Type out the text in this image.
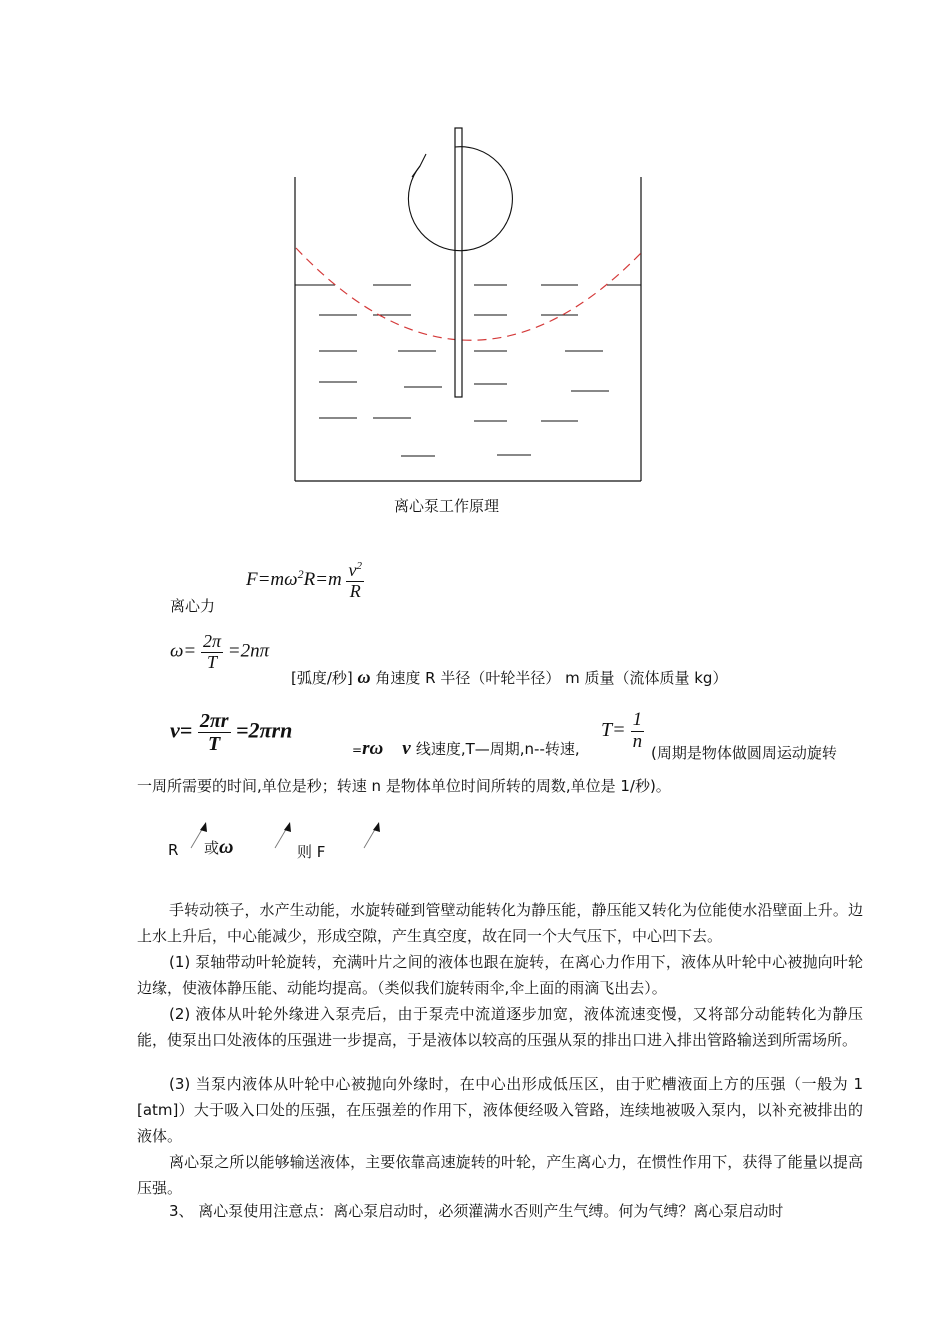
离心泵工作原理
离心力
$F=m\omega^2R=m \frac{v^2}{R}$
$\omega= \frac{2\pi}{T} =2n\pi$
[弧度/秒] ω 角速度 R 半径（叶轮半径） m 质量（流体质量 kg）
$v= \frac{2\pi r}{T} =2\pi rn$
=rω v 线速度,T—周期,n--转速,
$T= \frac{1}{n}$
(周期是物体做圆周运动旋转
一周所需要的时间,单位是秒；转速 n 是物体单位时间所转的周数,单位是 1/秒)。
R 或ω	则 F
手转动筷子，水产生动能，水旋转碰到管壁动能转化为静压能，静压能又转化为位能使水沿壁面上升。边上水上升后，中心能减少，形成空隙，产生真空度，故在同一个大气压下，中心凹下去。
(1) 泵轴带动叶轮旋转，充满叶片之间的液体也跟在旋转，在离心力作用下，液体从叶轮中心被抛向叶轮边缘，使液体静压能、动能均提高。（类似我们旋转雨伞,伞上面的雨滴飞出去）。
(2) 液体从叶轮外缘进入泵壳后，由于泵壳中流道逐步加宽，液体流速变慢，又将部分动能转化为静压能，使泵出口处液体的压强进一步提高，于是液体以较高的压强从泵的排出口进入排出管路输送到所需场所。
(3) 当泵内液体从叶轮中心被抛向外缘时，在中心出形成低压区，由于贮槽液面上方的压强（一般为 1 [atm]）大于吸入口处的压强，在压强差的作用下，液体便经吸入管路，连续地被吸入泵内，以补充被排出的液体。
离心泵之所以能够输送液体，主要依靠高速旋转的叶轮，产生离心力，在惯性作用下，获得了能量以提高压强。
3、 离心泵使用注意点：离心泵启动时，必须灌满水否则产生气缚。何为气缚？离心泵启动时
